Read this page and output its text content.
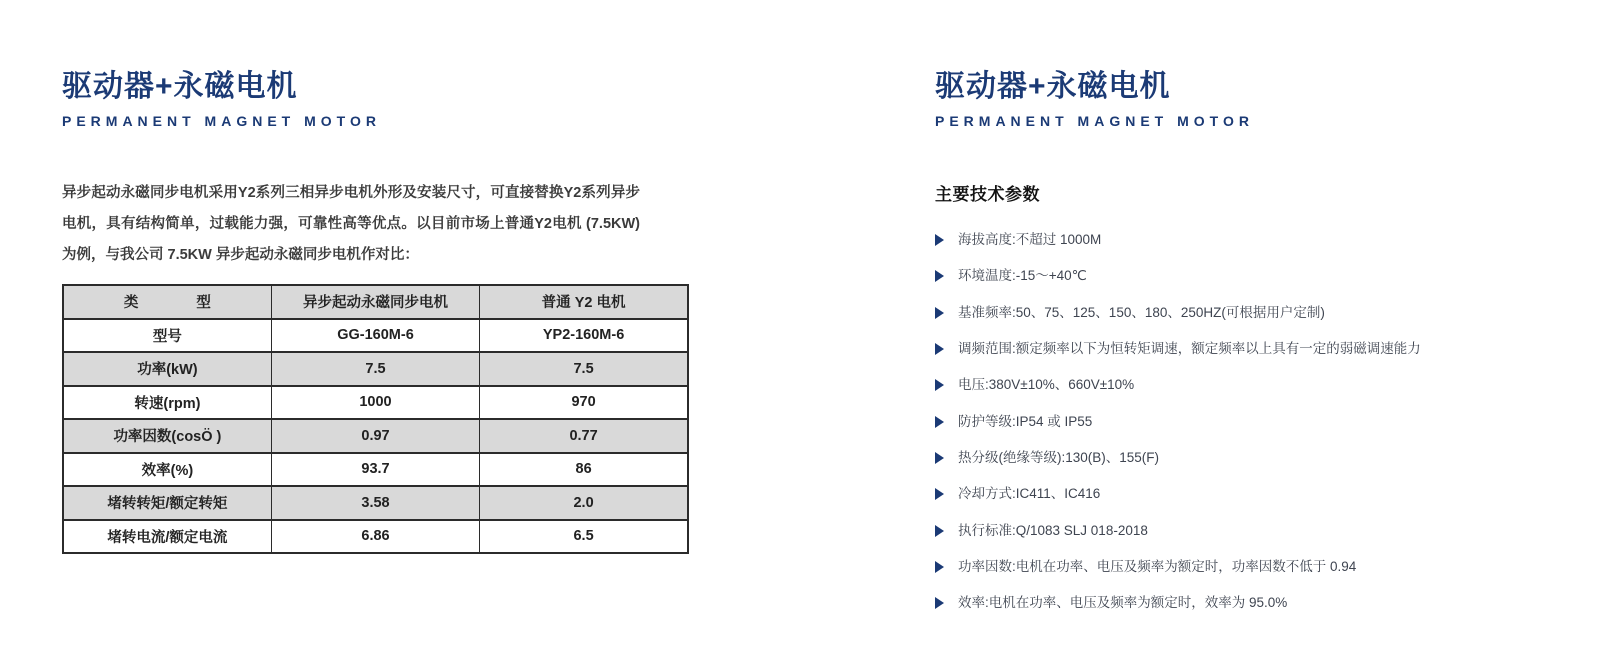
驱动器+永磁电机
PERMANENT MAGNET MOTOR

异步起动永磁同步电机采用Y2系列三相异步电机外形及安装尺寸，可直接替换Y2系列异步电机，具有结构简单，过载能力强，可靠性高等优点。以目前市场上普通Y2电机 (7.5KW) 为例，与我公司 7.5KW 异步起动永磁同步电机作对比：

类　　　　型	异步起动永磁同步电机	普通 Y2 电机
型号	GG-160M-6	YP2-160M-6
功率(kW)	7.5	7.5
转速(rpm)	1000	970
功率因数(cosÖ )	0.97	0.77
效率(%)	93.7	86
堵转转矩/额定转矩	3.58	2.0
堵转电流/额定电流	6.86	6.5
驱动器+永磁电机
PERMANENT MAGNET MOTOR
主要技术参数
海拔高度:不超过 1000M
环境温度:-15～+40℃
基准频率:50、75、125、150、180、250HZ(可根据用户定制)
调频范围:额定频率以下为恒转矩调速，额定频率以上具有一定的弱磁调速能力
电压:380V±10%、660V±10%
防护等级:IP54 或 IP55
热分级(绝缘等级):130(B)、155(F)
冷却方式:IC411、IC416
执行标准:Q/1083 SLJ 018-2018
功率因数:电机在功率、电压及频率为额定时，功率因数不低于 0.94
效率:电机在功率、电压及频率为额定时，效率为 95.0%
